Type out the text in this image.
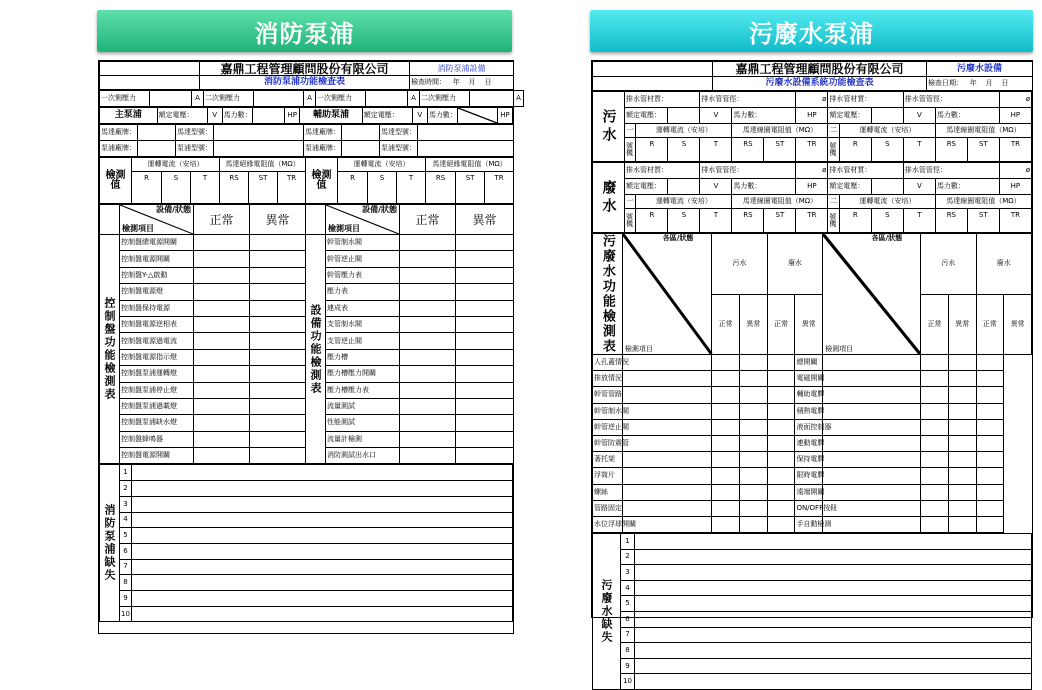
消防泵浦	污廢水泵浦
	嘉鼎工程管理顧問股份有限公司	消防泵浦設備
	消防泵浦功能檢查表	檢查時間： 年 月 日
一次側壓力		A	二次側壓力		A	一次側壓力		A	二次側壓力		A
主泵浦	額定電壓：	V	馬力數：		HP	輔助泵浦	額定電壓：	V	馬力數：		HP
馬達廠牌：		馬達型號：		馬達廠牌：		馬達型號：	
泵浦廠牌：		泵浦型號：		泵浦廠牌：		泵浦型號：	
檢測值	運轉電流（安培）			馬達絕緣電阻值（MΩ）			檢測值	運轉電流（安培）			馬達絕緣電阻值（MΩ）		
	R	S	T	RS	ST	TR		R	S	T	RS	ST	TR

	設備/狀態
檢測項目	正常	異常		設備/狀態
檢測項目	正常	異常
控制盤功能檢測表	控制盤總電源開關			設備功能檢測表	幹管制水閥		
	控制盤電源開關				幹管逆止閥		
	控制盤Y-△啟動				幹管壓力表		
	控制盤電源燈				壓力表		
	控制盤保持電源				連成表		
	控制盤電源逆相表				支管制水閥		
	控制盤電源過電流				支管逆止閥		
	控制盤電源指示燈				壓力槽		
	控制盤泵浦運轉燈				壓力槽壓力開關		
	控制盤泵浦停止燈				壓力槽壓力表		
	控制盤泵浦過載燈				流量測試		
	控制盤泵浦缺水燈				性能測試		
	控制盤蜂鳴器				流量計檢測		
	控制盤電源開關				消防測試出水口		
消防泵浦缺失	1	
	2	
	3	
	4	
	5	
	6	
	7	
	8	
	9	
	10	
	嘉鼎工程管理顧問股份有限公司	污廢水設備
	污廢水設備系統功能檢查表	檢查日期： 年 月 日
污水	排水管材質：			排水管管徑：			ø	排水管材質：			排水管管徑：			ø
	額定電壓：			V	馬力數：		HP	額定電壓：			V	馬力數：		HP
	一	運轉電流（安培）			馬達線圈電阻值（MΩ）			二	運轉電流（安培）			馬達線圈電阻值（MΩ）		
	號機	R	S	T	RS	ST	TR	號機	R	S	T	RS	ST	TR
廢水	排水管材質：			排水管管徑：			ø	排水管材質：			排水管管徑：			ø
	額定電壓：			V	馬力數：		HP	額定電壓：			V	馬力數：		HP
	一	運轉電流（安培）			馬達線圈電阻值（MΩ）			二	運轉電流（安培）			馬達線圈電阻值（MΩ）		
	號機	R	S	T	RS	ST	TR	號機	R	S	T	RS	ST	TR
污廢水功能檢測表	各區/狀態
檢測項目	污水		廢水		各區/狀態
檢測項目	污水		廢水	
		正常	異常	正常	異常		正常	異常	正常	異常
人孔蓋情況					總開關					
排放情況					電磁開關					
幹管管路					輔助電驛					
幹管制水閥					積熱電驛					
幹管逆止閥					液面控制器					
幹管防震管					連動電驛					
著托架					保持電驛					
浮筒片					限時電驛					
螺絲					遠端開關					
管路固定					ON/OFF按鈕					
水位浮球開關					手自動檢測					
污廢水缺失	1	
	2	
	3	
	4	
	5	
	6	
	7	
	8	
	9	
	10	
